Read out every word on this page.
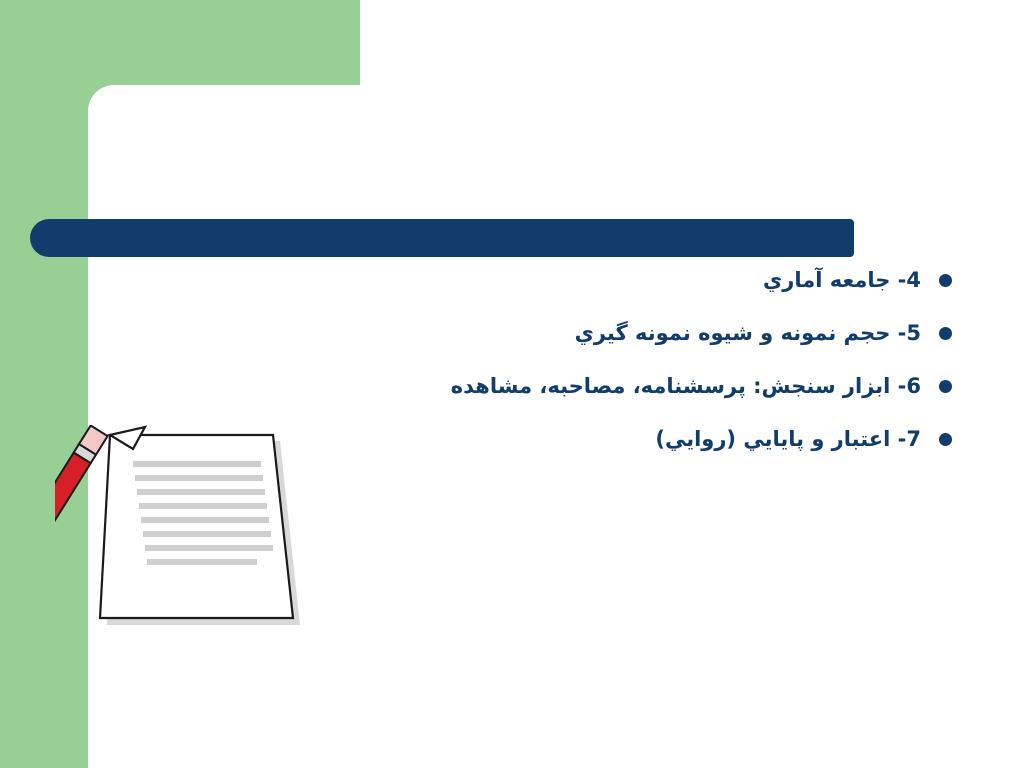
4- جامعه آماري
5- حجم نمونه و شيوه نمونه گيري
6- ابزار سنجش: پرسشنامه، مصاحبه، مشاهده
7- اعتبار و پايايي (روايي)
